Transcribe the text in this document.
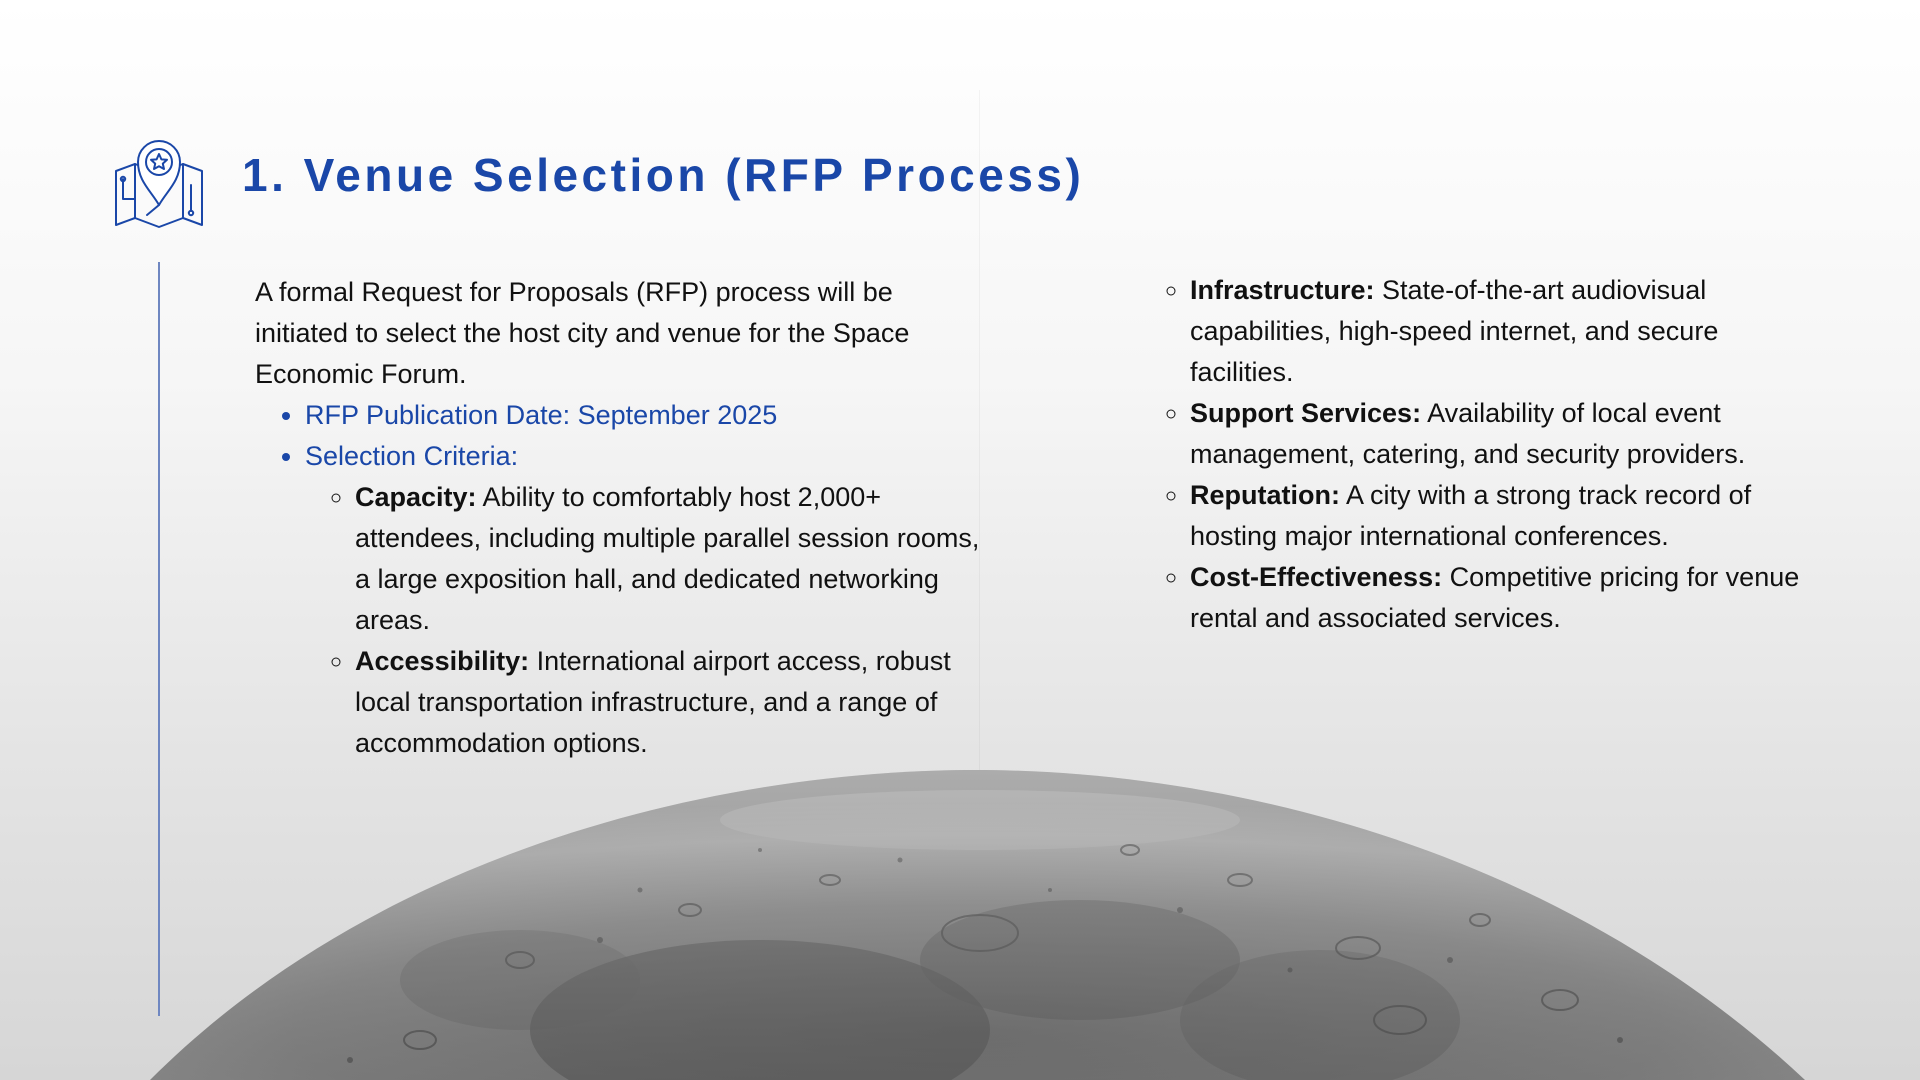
1. Venue Selection (RFP Process)

A formal Request for Proposals (RFP) process will be initiated to select the host city and venue for the Space Economic Forum.

• RFP Publication Date: September 2025
• Selection Criteria:
◦ Capacity: Ability to comfortably host 2,000+ attendees, including multiple parallel session rooms, a large exposition hall, and dedicated networking areas.
◦ Accessibility: International airport access, robust local transportation infrastructure, and a range of accommodation options.
◦ Infrastructure: State-of-the-art audiovisual capabilities, high-speed internet, and secure facilities.
◦ Support Services: Availability of local event management, catering, and security providers.
◦ Reputation: A city with a strong track record of hosting major international conferences.
◦ Cost-Effectiveness: Competitive pricing for venue rental and associated services.
